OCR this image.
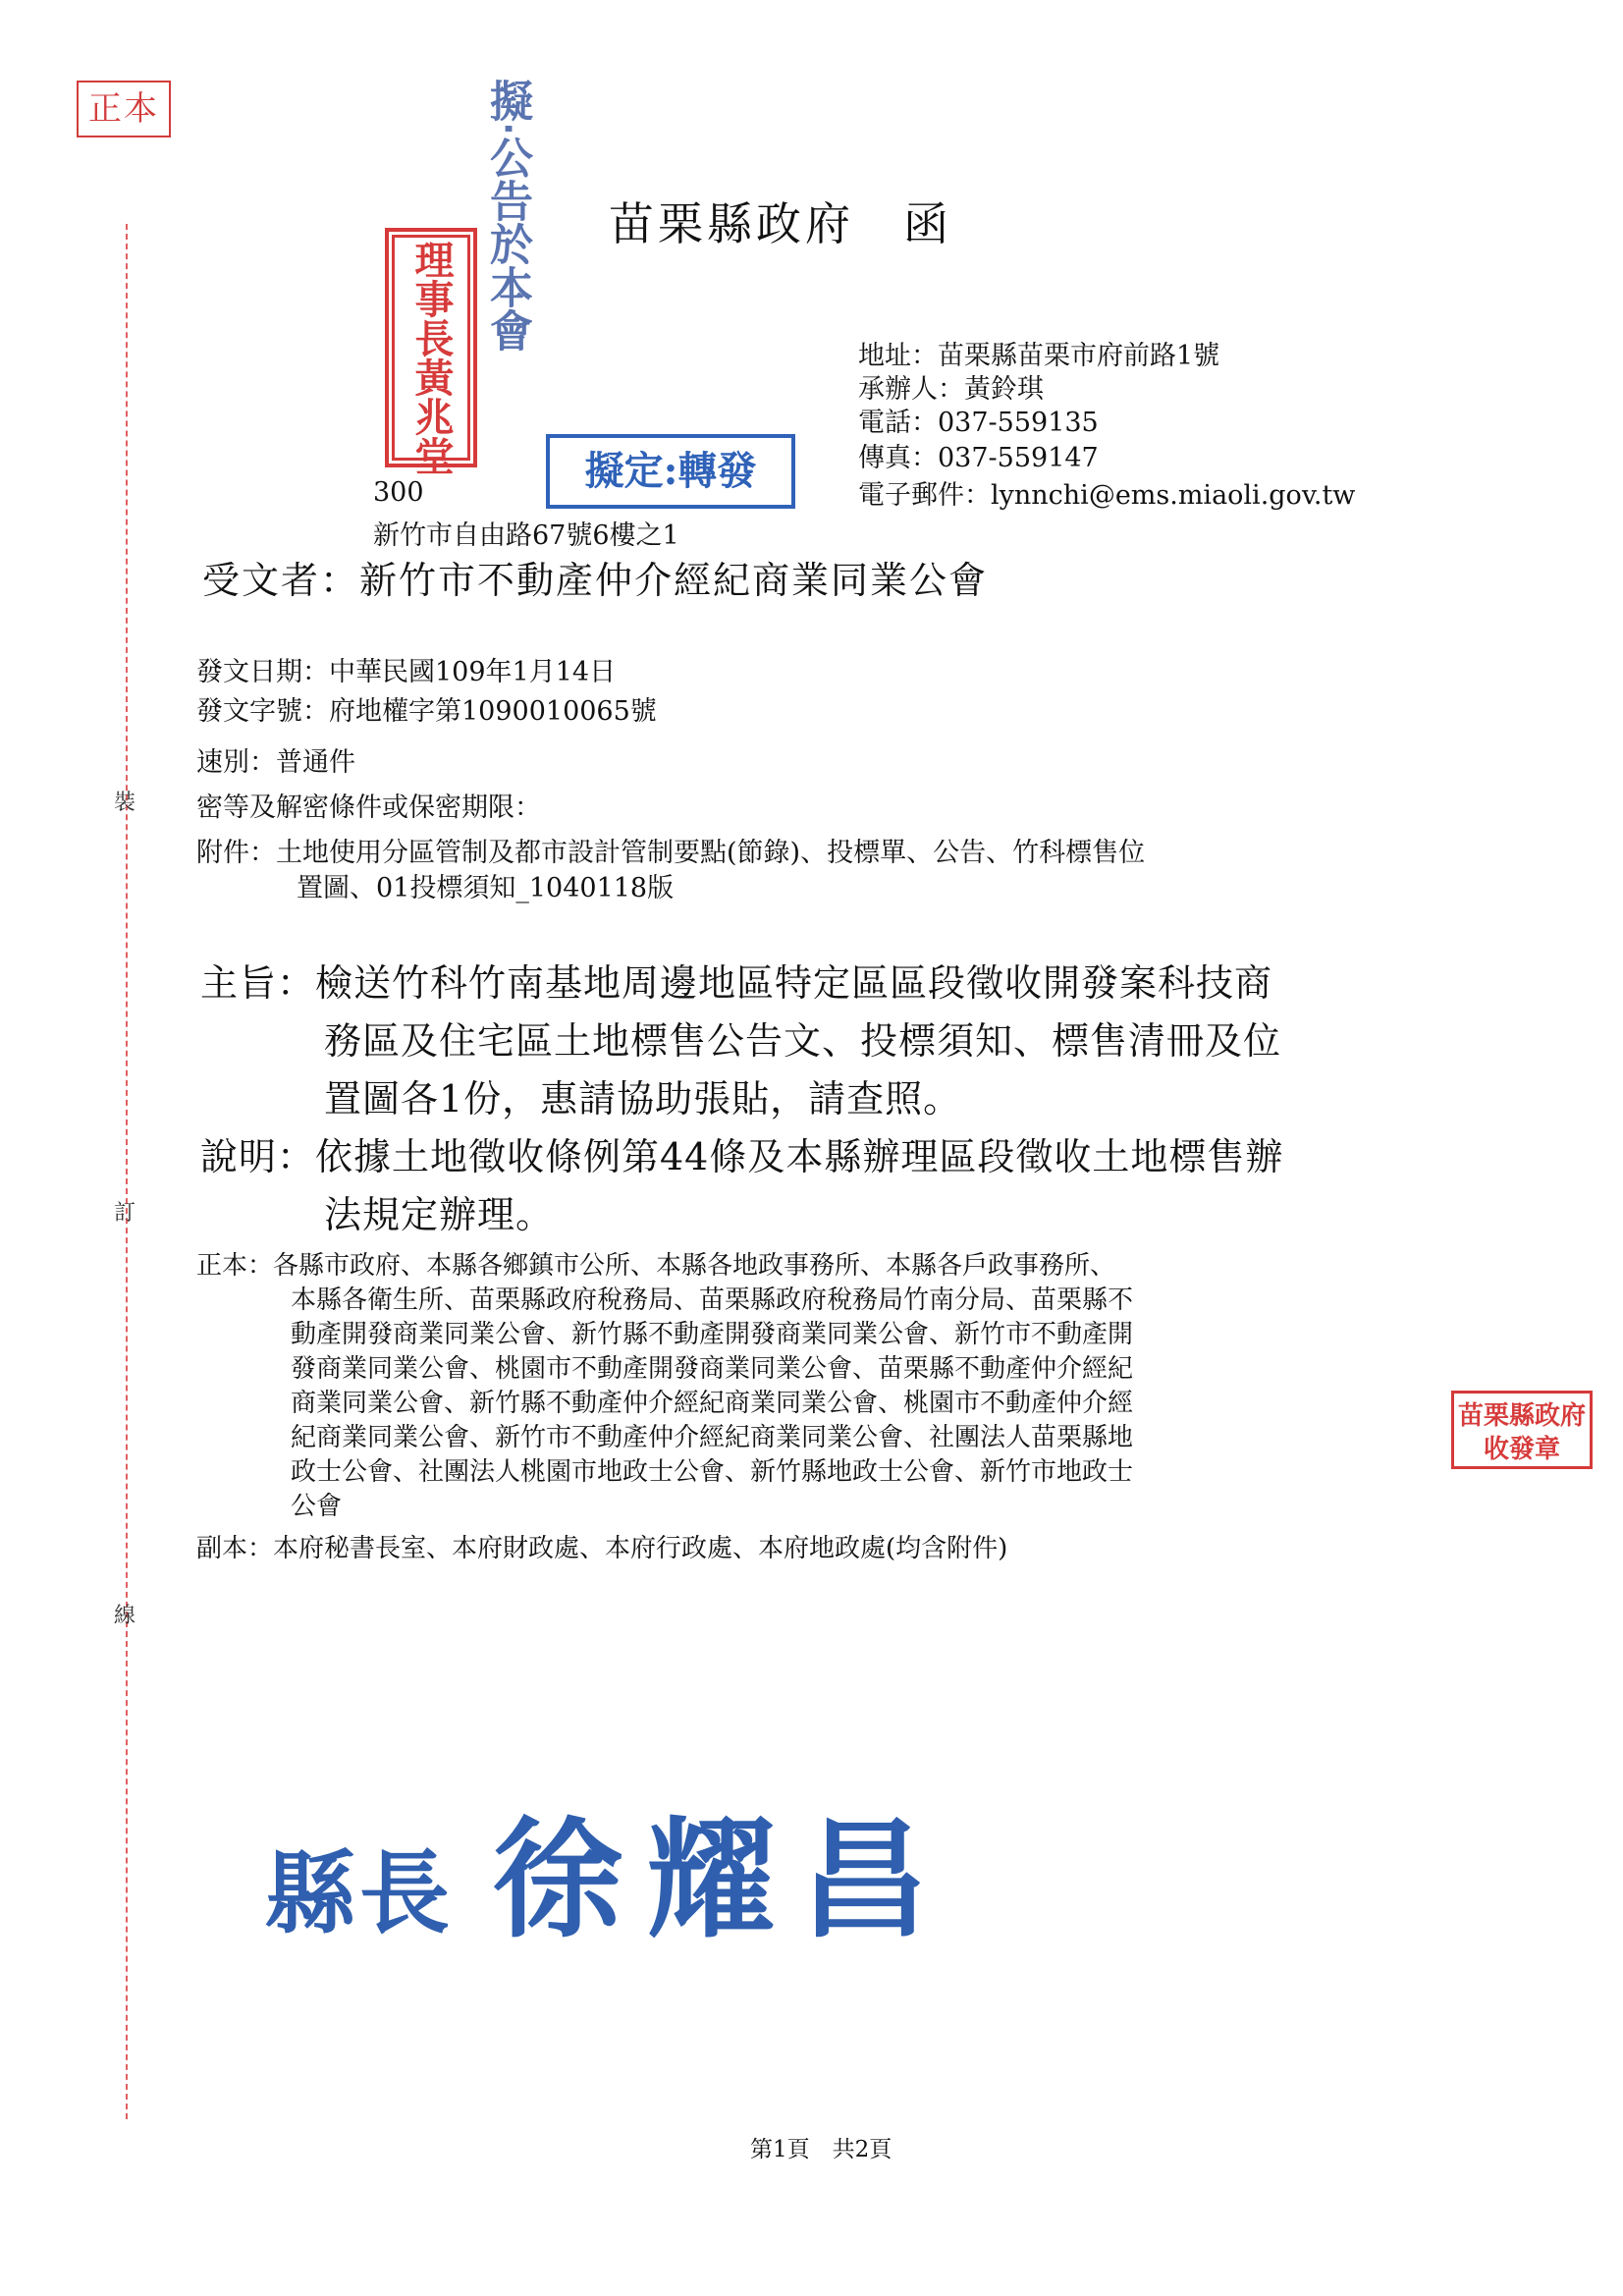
正本
裝
訂
線
擬‧公告於本會
理事長黃兆堂	擬定:轉發
苗栗縣政府 函
地址：苗栗縣苗栗市府前路1號
承辦人：黃鈴琪
電話：037-559135
傳真：037-559147
電子郵件：lynnchi@ems.miaoli.gov.tw
300
新竹市自由路67號6樓之1
受文者：新竹市不動產仲介經紀商業同業公會
發文日期：中華民國109年1月14日
發文字號：府地權字第1090010065號
速別：普通件
密等及解密條件或保密期限：
附件：土地使用分區管制及都市設計管制要點(節錄)、投標單、公告、竹科標售位
置圖、01投標須知_1040118版
主旨：檢送竹科竹南基地周邊地區特定區區段徵收開發案科技商
務區及住宅區土地標售公告文、投標須知、標售清冊及位
置圖各1份，惠請協助張貼，請查照。
說明：依據土地徵收條例第44條及本縣辦理區段徵收土地標售辦
法規定辦理。
正本：各縣市政府、本縣各鄉鎮市公所、本縣各地政事務所、本縣各戶政事務所、
本縣各衛生所、苗栗縣政府稅務局、苗栗縣政府稅務局竹南分局、苗栗縣不
動產開發商業同業公會、新竹縣不動產開發商業同業公會、新竹市不動產開
發商業同業公會、桃園市不動產開發商業同業公會、苗栗縣不動產仲介經紀
商業同業公會、新竹縣不動產仲介經紀商業同業公會、桃園市不動產仲介經
紀商業同業公會、新竹市不動產仲介經紀商業同業公會、社團法人苗栗縣地
政士公會、社團法人桃園市地政士公會、新竹縣地政士公會、新竹市地政士
公會
副本：本府秘書長室、本府財政處、本府行政處、本府地政處(均含附件)
苗栗縣政府收發章
縣長 徐耀昌
第1頁　共2頁
